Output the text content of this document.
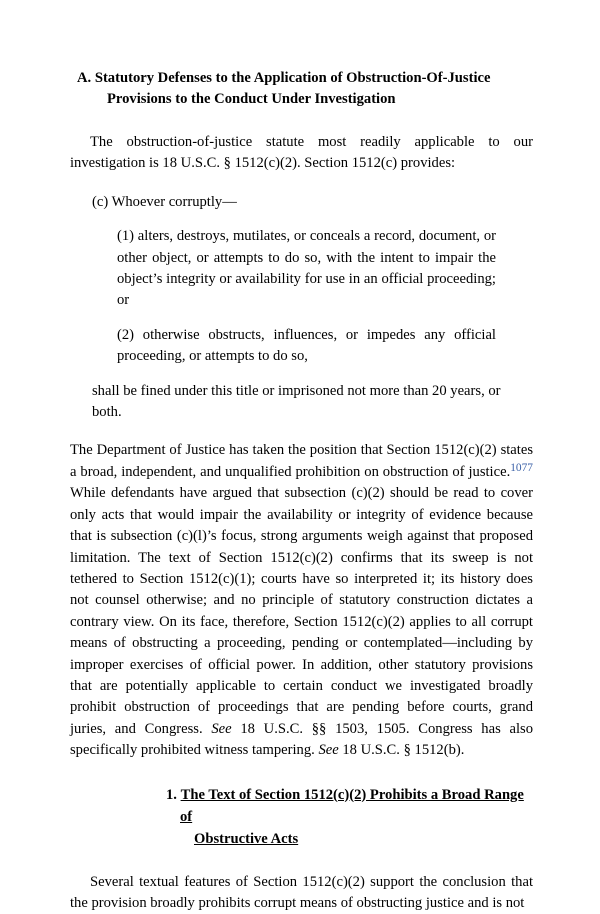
A. Statutory Defenses to the Application of Obstruction-Of-Justice
Provisions to the Conduct Under Investigation

The obstruction-of-justice statute most readily applicable to our investigation is 18 U.S.C. § 1512(c)(2). Section 1512(c) provides:

(c) Whoever corruptly—

(1) alters, destroys, mutilates, or conceals a record, document, or other object, or attempts to do so, with the intent to impair the object’s integrity or availability for use in an official proceeding; or

(2) otherwise obstructs, influences, or impedes any official proceeding, or attempts to do so,

shall be fined under this title or imprisoned not more than 20 years, or both.

The Department of Justice has taken the position that Section 1512(c)(2) states a broad, independent, and unqualified prohibition on obstruction of justice.$^{1077}$ While defendants have argued that subsection (c)(2) should be read to cover only acts that would impair the availability or integrity of evidence because that is subsection (c)(l)’s focus, strong arguments weigh against that proposed limitation. The text of Section 1512(c)(2) confirms that its sweep is not tethered to Section 1512(c)(1); courts have so interpreted it; its history does not counsel otherwise; and no principle of statutory construction dictates a contrary view. On its face, therefore, Section 1512(c)(2) applies to all corrupt means of obstructing a proceeding, pending or contemplated—including by improper exercises of official power. In addition, other statutory provisions that are potentially applicable to certain conduct we investigated broadly prohibit obstruction of proceedings that are pending before courts, grand juries, and Congress. See 18 U.S.C. §§ 1503, 1505. Congress has also specifically prohibited witness tampering. See 18 U.S.C. § 1512(b).

1. The Text of Section 1512(c)(2) Prohibits a Broad Range of
Obstructive Acts

Several textual features of Section 1512(c)(2) support the conclusion that the provision broadly prohibits corrupt means of obstructing justice and is not
